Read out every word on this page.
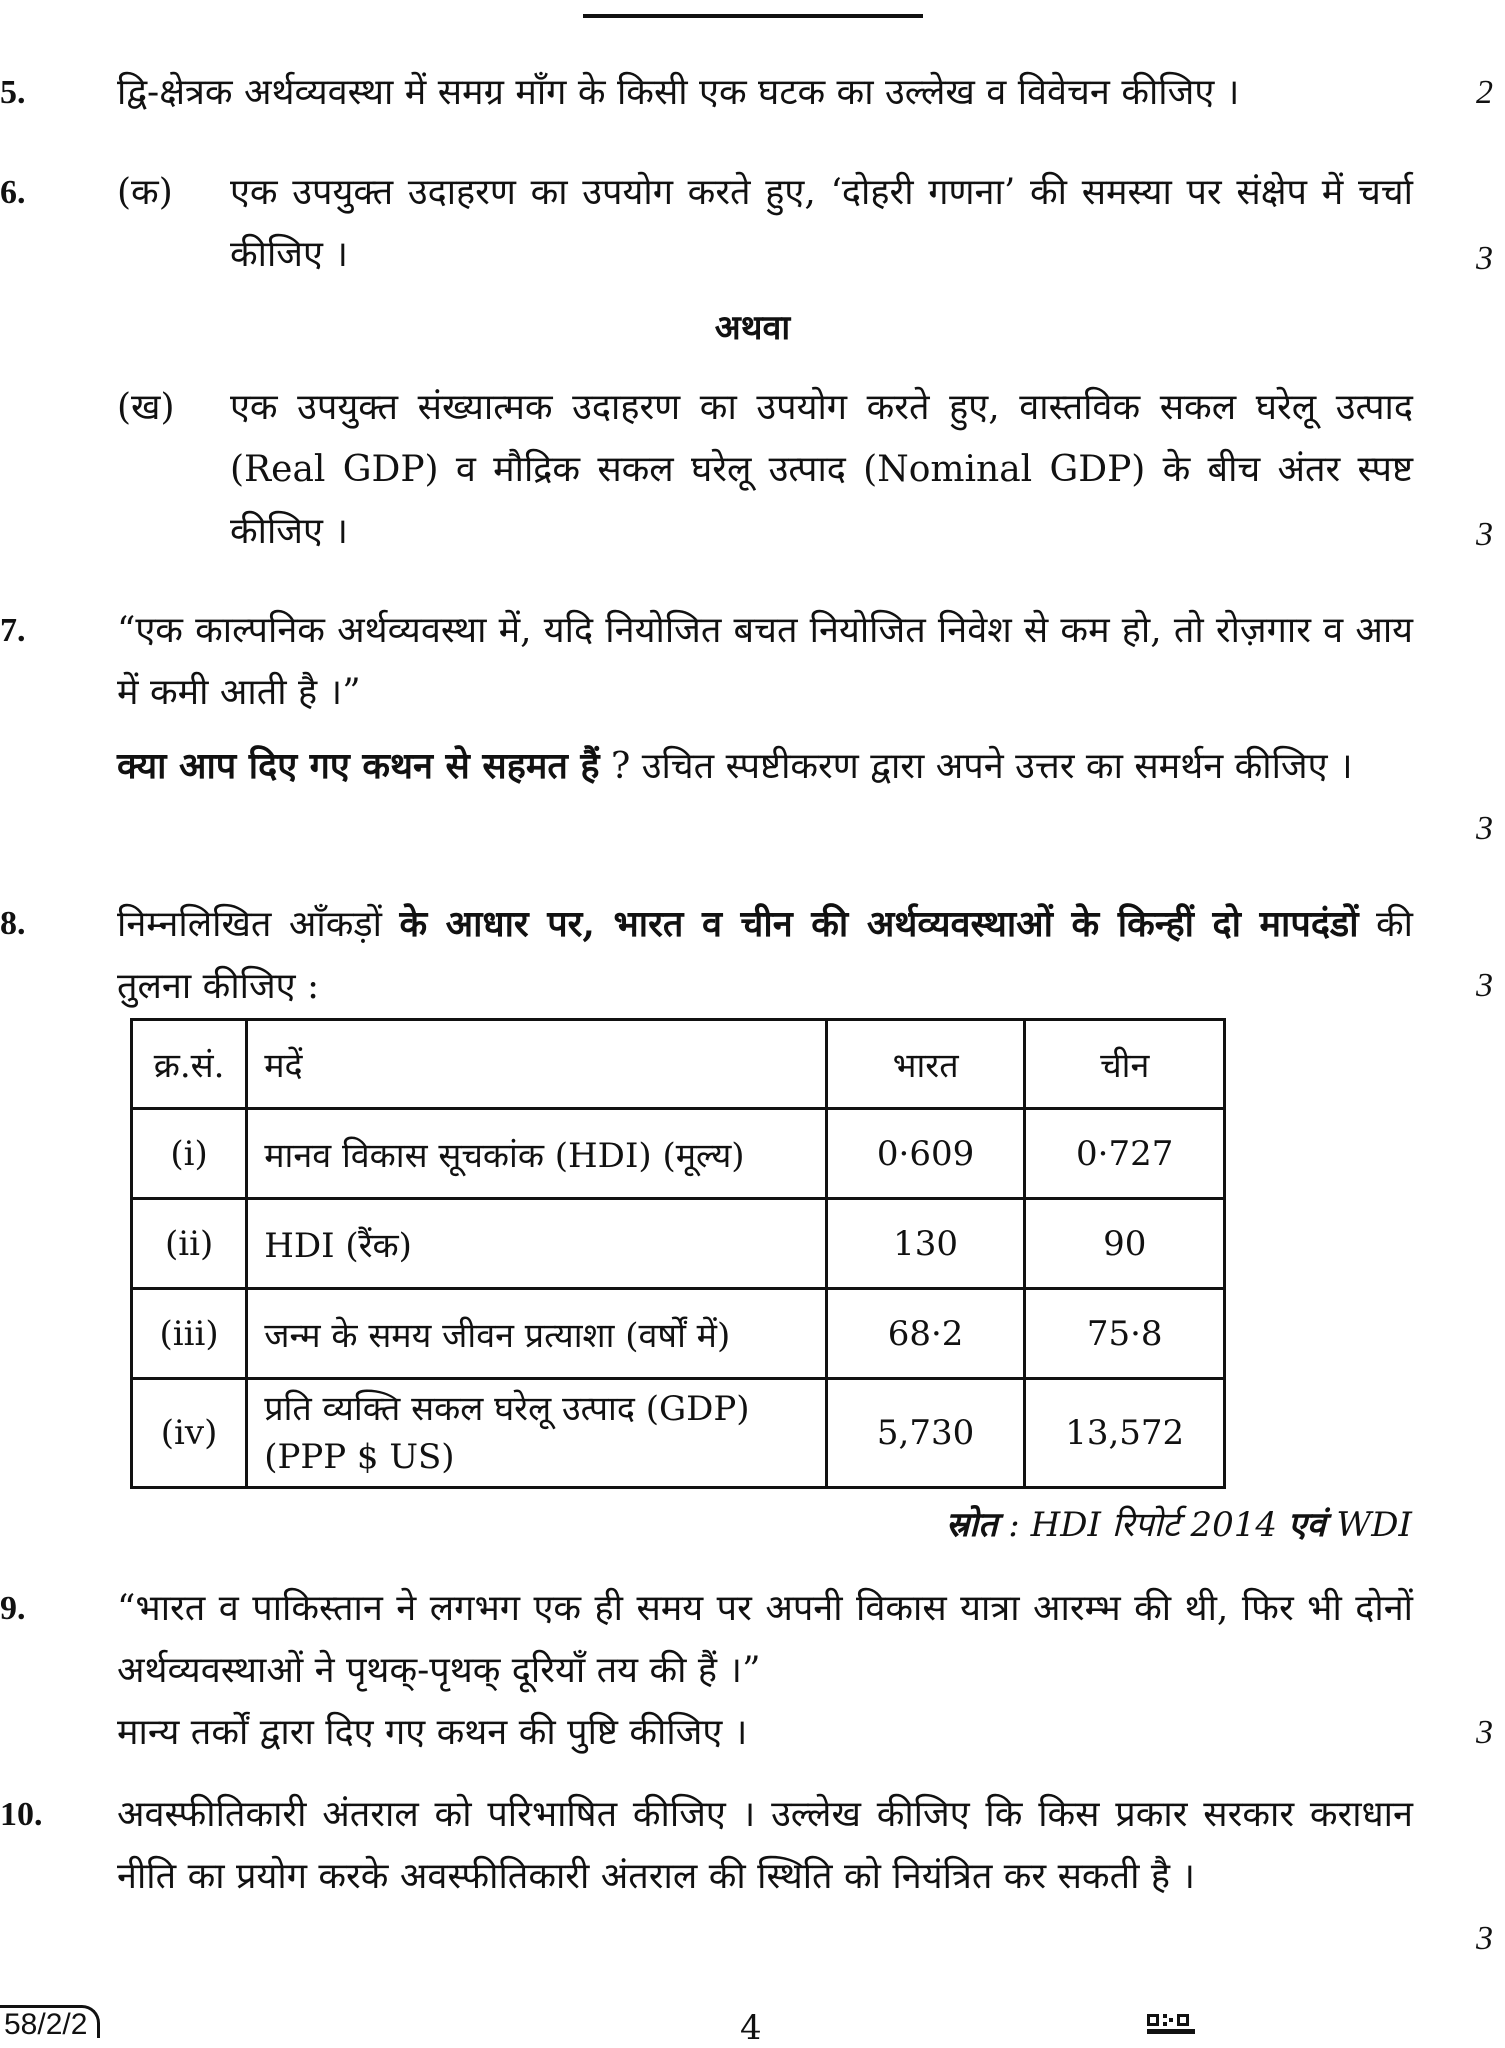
5.	द्वि-क्षेत्रक अर्थव्यवस्था में समग्र माँग के किसी एक घटक का उल्लेख व विवेचन कीजिए ।	2
6.	(क) एक उपयुक्त उदाहरण का उपयोग करते हुए, ‘दोहरी गणना’ की समस्या पर संक्षेप में चर्चा कीजिए ।	3
अथवा
(ख) एक उपयुक्त संख्यात्मक उदाहरण का उपयोग करते हुए, वास्तविक सकल घरेलू उत्पाद (Real GDP) व मौद्रिक सकल घरेलू उत्पाद (Nominal GDP) के बीच अंतर स्पष्ट कीजिए ।	3
7.	“एक काल्पनिक अर्थव्यवस्था में, यदि नियोजित बचत नियोजित निवेश से कम हो, तो रोज़गार व आय में कमी आती है ।”
क्या आप दिए गए कथन से सहमत हैं ? उचित स्पष्टीकरण द्वारा अपने उत्तर का समर्थन कीजिए ।
3
8.	निम्नलिखित आँकड़ों के आधार पर, भारत व चीन की अर्थव्यवस्थाओं के किन्हीं दो मापदंडों की तुलना कीजिए :	3
क्र.सं.	मदें	भारत	चीन
(i)	मानव विकास सूचकांक (HDI) (मूल्य)	0·609	0·727
(ii)	HDI (रैंक)	130	90
(iii)	जन्म के समय जीवन प्रत्याशा (वर्षों में)	68·2	75·8
(iv)	प्रति व्यक्ति सकल घरेलू उत्पाद (GDP) (PPP $ US)	5,730	13,572
स्रोत : HDI रिपोर्ट 2014 एवं WDI
9.	“भारत व पाकिस्तान ने लगभग एक ही समय पर अपनी विकास यात्रा आरम्भ की थी, फिर भी दोनों अर्थव्यवस्थाओं ने पृथक्-पृथक् दूरियाँ तय की हैं ।”
मान्य तर्कों द्वारा दिए गए कथन की पुष्टि कीजिए ।	3
10. अवस्फीतिकारी अंतराल को परिभाषित कीजिए । उल्लेख कीजिए कि किस प्रकार सरकार कराधान नीति का प्रयोग करके अवस्फीतिकारी अंतराल की स्थिति को नियंत्रित कर सकती है ।
3
58/2/2	4
